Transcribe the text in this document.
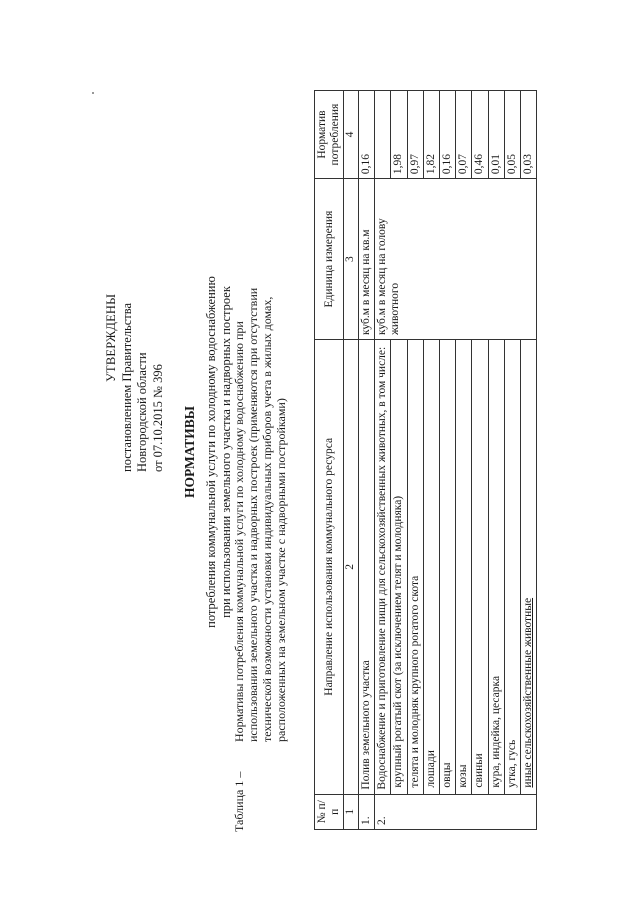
УТВЕРЖДЕНЫ постановлением Правительства Новгородской области от 07.10.2015 № 396 НОРМАТИВЫ потребления коммунальной услуги по холодному водоснабжению при использовании земельного участка и надворных построек
Таблица 1 –
Нормативы потребления коммунальной услуги по холодному водоснабжению при использовании земельного участка и надворных построек (применяются при отсутствии технической возможности установки индивидуальных приборов учета в жилых домах, расположенных на земельном участке с надворными постройками)
№ п/п	Направление использования коммунального ресурса	Единица измерения	Норматив потребления
1	2	3	4
1.	Полив земельного участка	куб.м в месяц на кв.м	0,16
2.	Водоснабжение и приготовление пищи для сельскохозяйственных животных, в том числе:	куб.м в месяц на голову животного	
	крупный рогатый скот (за исключением телят и молодняка)		1,98
	телята и молодняк крупного рогатого скота		0,97
	лошади		1,82
	овцы		0,16
	козы		0,07
	свиньи		0,46
	кура, индейка, цесарка		0,01
	утка, гусь		0,05
	иные сельскохозяйственные животные		0,03
